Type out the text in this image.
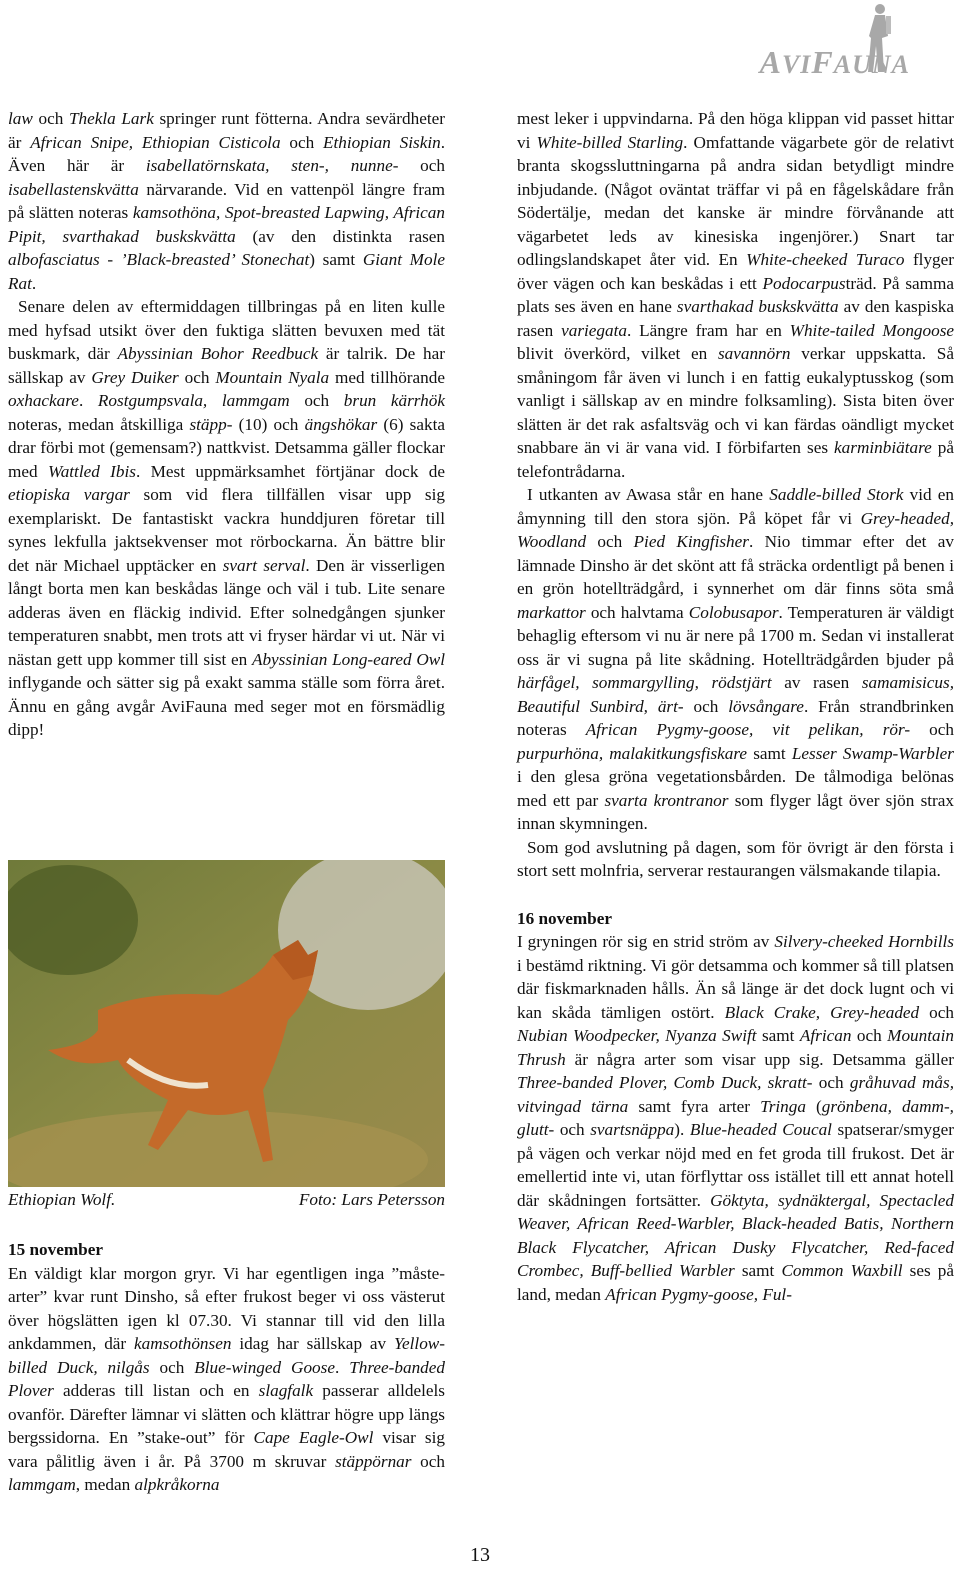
AVIFAUNA

law och Thekla Lark springer runt fötterna. Andra sevärdheter är African Snipe, Ethiopian Cisticola och Ethiopian Siskin. Även här är isabellatörnskata, sten-, nunne- och isabellastenskvätta närvarande. Vid en vattenpöl längre fram på slätten noteras kamsothöna, Spot-breasted Lapwing, African Pipit, svarthakad buskskvätta (av den distinkta rasen albofasciatus - ’Black-breasted’ Stonechat) samt Giant Mole Rat.

Senare delen av eftermiddagen tillbringas på en liten kulle med hyfsad utsikt över den fuktiga slätten bevuxen med tät buskmark, där Abyssinian Bohor Reedbuck är talrik. De har sällskap av Grey Duiker och Mountain Nyala med tillhörande oxhackare. Rostgumpsvala, lammgam och brun kärrhök noteras, medan åtskilliga stäpp- (10) och ängshökar (6) sakta drar förbi mot (gemensam?) nattkvist. Detsamma gäller flockar med Wattled Ibis. Mest uppmärksamhet förtjänar dock de etiopiska vargar som vid flera tillfällen visar upp sig exemplariskt. De fantastiskt vackra hunddjuren företar till synes lekfulla jaktsekvenser mot rörbockarna. Än bättre blir det när Michael upptäcker en svart serval. Den är visserligen långt borta men kan beskådas länge och väl i tub. Lite senare adderas även en fläckig individ. Efter solnedgången sjunker temperaturen snabbt, men trots att vi fryser härdar vi ut. När vi nästan gett upp kommer till sist en Abyssinian Long-eared Owl inflygande och sätter sig på exakt samma ställe som förra året. Ännu en gång avgår AviFauna med seger mot en försmädlig dipp!

Ethiopian Wolf.	Foto: Lars Petersson

15 november

En väldigt klar morgon gryr. Vi har egentligen inga ”måste-arter” kvar runt Dinsho, så efter frukost beger vi oss västerut över högslätten igen kl 07.30. Vi stannar till vid den lilla ankdammen, där kamsothönsen idag har sällskap av Yellow-billed Duck, nilgås och Blue-winged Goose. Three-banded Plover adderas till listan och en slagfalk passerar alldelels ovanför. Därefter lämnar vi slätten och klättrar högre upp längs bergssidorna. En ”stake-out” för Cape Eagle-Owl visar sig vara pålitlig även i år. På 3700 m skruvar stäppörnar och lammgam, medan alpkråkorna

mest leker i uppvindarna. På den höga klippan vid passet hittar vi White-billed Starling. Omfattande vägarbete gör de relativt branta skogssluttningarna på andra sidan betydligt mindre inbjudande. (Något oväntat träffar vi på en fågelskådare från Södertälje, medan det kanske är mindre förvånande att vägarbetet leds av kinesiska ingenjörer.) Snart tar odlingslandskapet åter vid. En White-cheeked Turaco flyger över vägen och kan beskådas i ett Podocarpusträd. På samma plats ses även en hane svarthakad buskskvätta av den kaspiska rasen variegata. Längre fram har en White-tailed Mongoose blivit överkörd, vilket en savannörn verkar uppskatta. Så småningom får även vi lunch i en fattig eukalyptusskog (som vanligt i sällskap av en mindre folksamling). Sista biten över slätten är det rak asfaltsväg och vi kan färdas oändligt mycket snabbare än vi är vana vid. I förbifarten ses karminbiätare på telefontrådarna.

I utkanten av Awasa står en hane Saddle-billed Stork vid en åmynning till den stora sjön. På köpet får vi Grey-headed, Woodland och Pied Kingfisher. Nio timmar efter det av lämnade Dinsho är det skönt att få sträcka ordentligt på benen i en grön hotellträdgård, i synnerhet om där finns söta små markattor och halvtama Colobusapor. Temperaturen är väldigt behaglig eftersom vi nu är nere på 1700 m. Sedan vi installerat oss är vi sugna på lite skådning. Hotellträdgården bjuder på härfågel, sommargylling, rödstjärt av rasen samamisicus, Beautiful Sunbird, ärt- och lövsångare. Från strandbrinken noteras African Pygmy-goose, vit pelikan, rör- och purpurhöna, malakitkungsfiskare samt Lesser Swamp-Warbler i den glesa gröna vegetationsbården. De tålmodiga belönas med ett par svarta krontranor som flyger lågt över sjön strax innan skymningen.

Som god avslutning på dagen, som för övrigt är den första i stort sett molnfria, serverar restaurangen välsmakande tilapia.

16 november

I gryningen rör sig en strid ström av Silvery-cheeked Hornbills i bestämd riktning. Vi gör detsamma och kommer så till platsen där fiskmarknaden hålls. Än så länge är det dock lugnt och vi kan skåda tämligen ostört. Black Crake, Grey-headed och Nubian Woodpecker, Nyanza Swift samt African och Mountain Thrush är några arter som visar upp sig. Detsamma gäller Three-banded Plover, Comb Duck, skratt- och gråhuvad mås, vitvingad tärna samt fyra arter Tringa (grönbena, damm-, glutt- och svartsnäppa). Blue-headed Coucal spatserar/smyger på vägen och verkar nöjd med en fet groda till frukost. Det är emellertid inte vi, utan förflyttar oss istället till ett annat hotell där skådningen fortsätter. Göktyta, sydnäktergal, Spectacled Weaver, African Reed-Warbler, Black-headed Batis, Northern Black Flycatcher, African Dusky Flycatcher, Red-faced Crombec, Buff-bellied Warbler samt Common Waxbill ses på land, medan African Pygmy-goose, Ful-

13
